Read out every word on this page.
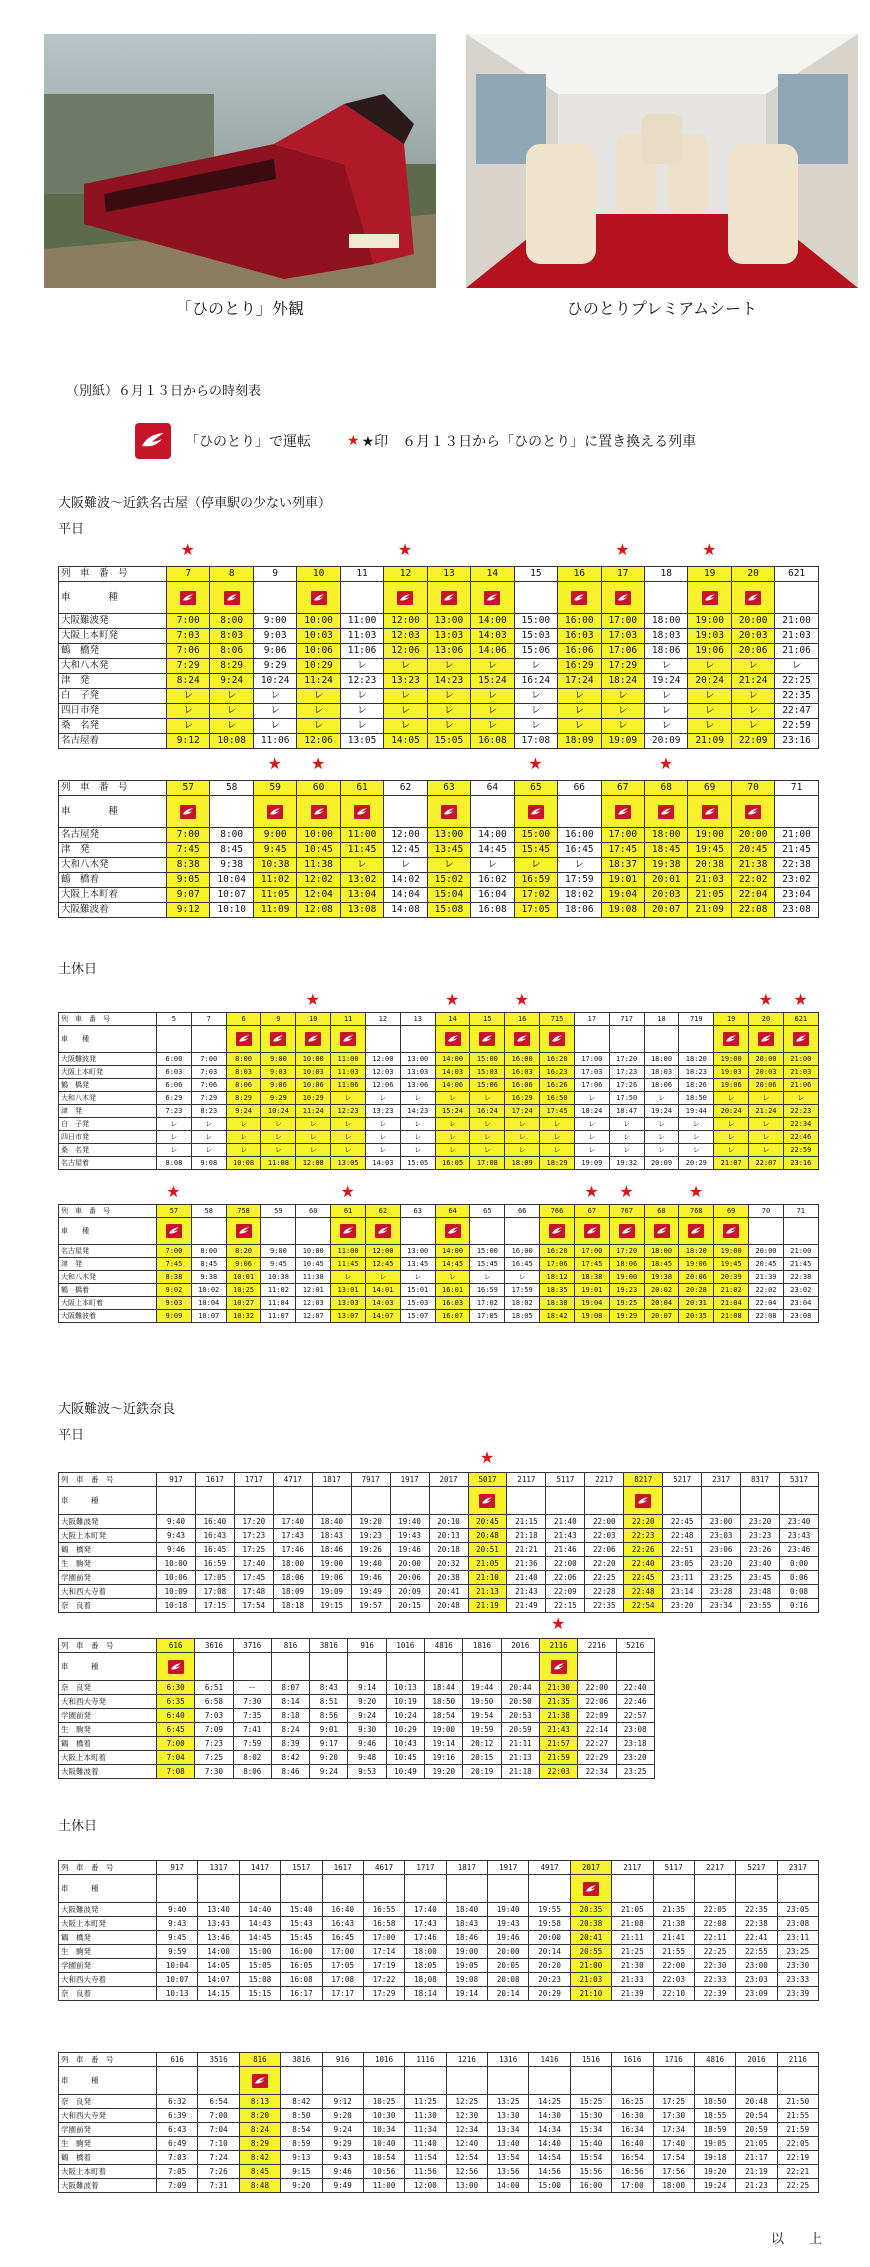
「ひのとり」外観	ひのとりプレミアムシート
（別紙）６月１３日からの時刻表
「ひのとり」で運転	★ ★印　６月１３日から「ひのとり」に置き換える列車
大阪難波〜近鉄名古屋（停車駅の少ない列車）
平日
★	★	★	★
列　車　番　号	7	8	9	10	11	12	13	14	15	16	17	18	19	20	621
車　　　　種	

大阪難波発	7:00	8:00	9:00	10:00	11:00	12:00	13:00	14:00	15:00	16:00	17:00	18:00	19:00	20:00	21:00
大阪上本町発	7:03	8:03	9:03	10:03	11:03	12:03	13:03	14:03	15:03	16:03	17:03	18:03	19:03	20:03	21:03
鶴　橋発	7:06	8:06	9:06	10:06	11:06	12:06	13:06	14:06	15:06	16:06	17:06	18:06	19:06	20:06	21:06
大和八木発	7:29	8:29	9:29	10:29	レ	レ	レ	レ	レ	16:29	17:29	レ	レ	レ	レ
津　発	8:24	9:24	10:24	11:24	12:23	13:23	14:23	15:24	16:24	17:24	18:24	19:24	20:24	21:24	22:25
白　子発	レ	レ	レ	レ	レ	レ	レ	レ	レ	レ	レ	レ	レ	レ	22:35
四日市発	レ	レ	レ	レ	レ	レ	レ	レ	レ	レ	レ	レ	レ	レ	22:47
桑　名発	レ	レ	レ	レ	レ	レ	レ	レ	レ	レ	レ	レ	レ	レ	22:59
名古屋着	9:12	10:08	11:06	12:06	13:05	14:05	15:05	16:08	17:08	18:09	19:09	20:09	21:09	22:09	23:16
★ ★	★	★
列　車　番　号	57	58	59	60	61	62	63	64	65	66	67	68	69	70	71
車　　　　種	

名古屋発	7:00	8:00	9:00	10:00	11:00	12:00	13:00	14:00	15:00	16:00	17:00	18:00	19:00	20:00	21:00
津　発	7:45	8:45	9:45	10:45	11:45	12:45	13:45	14:45	15:45	16:45	17:45	18:45	19:45	20:45	21:45
大和八木発	8:38	9:38	10:38	11:38	レ	レ	レ	レ	レ	レ	18:37	19:38	20:38	21:38	22:38
鶴　橋着	9:05	10:04	11:02	12:02	13:02	14:02	15:02	16:02	16:59	17:59	19:01	20:01	21:03	22:02	23:02
大阪上本町着	9:07	10:07	11:05	12:04	13:04	14:04	15:04	16:04	17:02	18:02	19:04	20:03	21:05	22:04	23:04
大阪難波着	9:12	10:10	11:09	12:08	13:08	14:08	15:08	16:08	17:05	18:06	19:08	20:07	21:09	22:08	23:08
土休日
★	★	★	★ ★
列　車　番　号	5	7	6	9	10	11	12	13	14	15	16	715	17	717	18	719	19	20	621
車　　種			

大阪難波発	6:00	7:00	8:00	9:00	10:00	11:00	12:00	13:00	14:00	15:00	16:00	16:20	17:00	17:20	18:00	18:20	19:00	20:00	21:00
大阪上本町発	6:03	7:03	8:03	9:03	10:03	11:03	12:03	13:03	14:03	15:03	16:03	16:23	17:03	17:23	18:03	18:23	19:03	20:03	21:03
鶴　橋発	6:06	7:06	8:06	9:06	10:06	11:06	12:06	13:06	14:06	15:06	16:06	16:26	17:06	17:26	18:06	18:26	19:06	20:06	21:06
大和八木発	6:29	7:29	8:29	9:29	10:29	レ	レ	レ	レ	レ	16:29	16:50	レ	17:50	レ	18:50	レ	レ	レ
津　発	7:23	8:23	9:24	10:24	11:24	12:23	13:23	14:23	15:24	16:24	17:24	17:45	18:24	18:47	19:24	19:44	20:24	21:24	22:23
白　子発	レ	レ	レ	レ	レ	レ	レ	レ	レ	レ	レ	レ	レ	レ	レ	レ	レ	レ	22:34
四日市発	レ	レ	レ	レ	レ	レ	レ	レ	レ	レ	レ	レ	レ	レ	レ	レ	レ	レ	22:46
桑　名発	レ	レ	レ	レ	レ	レ	レ	レ	レ	レ	レ	レ	レ	レ	レ	レ	レ	レ	22:59
名古屋着	8:08	9:08	10:08	11:08	12:08	13:05	14:03	15:05	16:05	17:08	18:09	18:29	19:09	19:32	20:09	20:29	21:07	22:07	23:16
★	★	★ ★	★
列　車　番　号	57	58	758	59	60	61	62	63	64	65	66	766	67	767	68	768	69	70	71
車　　種	

名古屋発	7:00	8:00	8:20	9:00	10:00	11:00	12:00	13:00	14:00	15:00	16:00	16:20	17:00	17:20	18:00	18:20	19:00	20:00	21:00
津　発	7:45	8:45	9:06	9:45	10:45	11:45	12:45	13:45	14:45	15:45	16:45	17:06	17:45	18:06	18:45	19:06	19:45	20:45	21:45
大和八木発	8:38	9:38	10:01	10:38	11:38	レ	レ	レ	レ	レ	レ	18:12	18:38	19:00	19:38	20:06	20:39	21:39	22:38
鶴　橋着	9:02	10:02	10:25	11:02	12:01	13:01	14:01	15:01	16:01	16:59	17:59	18:35	19:01	19:23	20:02	20:28	21:02	22:02	23:02
大阪上本町着	9:03	10:04	10:27	11:04	12:03	13:03	14:03	15:03	16:03	17:02	18:02	18:38	19:04	19:25	20:04	20:31	21:04	22:04	23:04
大阪難波着	9:09	10:07	10:32	11:07	12:07	13:07	14:07	15:07	16:07	17:05	18:05	18:42	19:08	19:29	20:07	20:35	21:08	22:08	23:08
大阪難波〜近鉄奈良
平日
★
列　車　番　号	917	1617	1717	4717	1817	7917	1917	2017	5017	2117	5117	2217	8217	5217	2317	8317	5317
車　　　種									

大阪難波発	9:40	16:40	17:20	17:40	18:40	19:20	19:40	20:10	20:45	21:15	21:40	22:00	22:20	22:45	23:00	23:20	23:40
大阪上本町発	9:43	16:43	17:23	17:43	18:43	19:23	19:43	20:13	20:48	21:18	21:43	22:03	22:23	22:48	23:03	23:23	23:43
鶴　橋発	9:46	16:45	17:25	17:46	18:46	19:26	19:46	20:18	20:51	21:21	21:46	22:06	22:26	22:51	23:06	23:26	23:46
生　駒発	10:00	16:59	17:40	18:00	19:00	19:40	20:00	20:32	21:05	21:36	22:00	22:20	22:40	23:05	23:20	23:40	0:00
学園前発	10:06	17:05	17:45	18:06	19:06	19:46	20:06	20:38	21:10	21:40	22:06	22:25	22:45	23:11	23:25	23:45	0:06
大和西大寺着	10:09	17:08	17:48	18:09	19:09	19:49	20:09	20:41	21:13	21:43	22:09	22:28	22:48	23:14	23:28	23:48	0:08
奈　良着	10:18	17:15	17:54	18:18	19:15	19:57	20:15	20:48	21:19	21:49	22:15	22:35	22:54	23:20	23:34	23:55	0:16
★
列　車　番　号	616	3616	3716	816	3816	916	1016	4816	1816	2016	2116	2216	5216
車　　　種	

奈　良発	6:30	6:51	ー	8:07	8:43	9:14	10:13	18:44	19:44	20:44	21:30	22:00	22:40
大和西大寺発	6:35	6:58	7:30	8:14	8:51	9:20	10:19	18:50	19:50	20:50	21:35	22:06	22:46
学園前発	6:40	7:03	7:35	8:18	8:56	9:24	10:24	18:54	19:54	20:53	21:38	22:09	22:57
生　駒発	6:45	7:09	7:41	8:24	9:01	9:30	10:29	19:00	19:59	20:59	21:43	22:14	23:08
鶴　橋着	7:00	7:23	7:59	8:39	9:17	9:46	10:43	19:14	20:12	21:11	21:57	22:27	23:18
大阪上本町着	7:04	7:25	8:02	8:42	9:20	9:48	10:45	19:16	20:15	21:13	21:59	22:29	23:20
大阪難波着	7:08	7:30	8:06	8:46	9:24	9:53	10:49	19:20	20:19	21:18	22:03	22:34	23:25
土休日
列　車　番　号	917	1317	1417	1517	1617	4617	1717	1817	1917	4917	2017	2117	5117	2217	5217	2317
車　　　種											

大阪難波発	9:40	13:40	14:40	15:40	16:40	16:55	17:40	18:40	19:40	19:55	20:35	21:05	21:35	22:05	22:35	23:05
大阪上本町発	9:43	13:43	14:43	15:43	16:43	16:58	17:43	18:43	19:43	19:58	20:38	21:08	21:38	22:08	22:38	23:08
鶴　橋発	9:45	13:46	14:45	15:45	16:45	17:00	17:46	18:46	19:46	20:00	20:41	21:11	21:41	22:11	22:41	23:11
生　駒発	9:59	14:00	15:00	16:00	17:00	17:14	18:00	19:00	20:00	20:14	20:55	21:25	21:55	22:25	22:55	23:25
学園前発	10:04	14:05	15:05	16:05	17:05	17:19	18:05	19:05	20:05	20:20	21:00	21:30	22:00	22:30	23:00	23:30
大和西大寺着	10:07	14:07	15:08	16:08	17:08	17:22	18:08	19:08	20:08	20:23	21:03	21:33	22:03	22:33	23:03	23:33
奈　良着	10:13	14:15	15:15	16:17	17:17	17:29	18:14	19:14	20:14	20:29	21:10	21:39	22:10	22:39	23:09	23:39
列　車　番　号	616	3516	816	3816	916	1016	1116	1216	1316	1416	1516	1616	1716	4816	2016	2116
車　　　種			

奈　良発	6:32	6:54	8:13	8:42	9:12	10:25	11:25	12:25	13:25	14:25	15:25	16:25	17:25	18:50	20:48	21:50
大和西大寺発	6:39	7:00	8:20	8:50	9:20	10:30	11:30	12:30	13:30	14:30	15:30	16:30	17:30	18:55	20:54	21:55
学園前発	6:43	7:04	8:24	8:54	9:24	10:34	11:34	12:34	13:34	14:34	15:34	16:34	17:34	18:59	20:59	21:59
生　駒発	6:49	7:10	8:29	8:59	9:29	10:40	11:40	12:40	13:40	14:40	15:40	16:40	17:40	19:05	21:05	22:05
鶴　橋着	7:03	7:24	8:42	9:13	9:43	10:54	11:54	12:54	13:54	14:54	15:54	16:54	17:54	19:18	21:17	22:19
大阪上本町着	7:05	7:26	8:45	9:15	9:46	10:56	11:56	12:56	13:56	14:56	15:56	16:56	17:56	19:20	21:19	22:21
大阪難波着	7:09	7:31	8:48	9:20	9:49	11:00	12:00	13:00	14:00	15:00	16:00	17:00	18:00	19:24	21:23	22:25
以　上
